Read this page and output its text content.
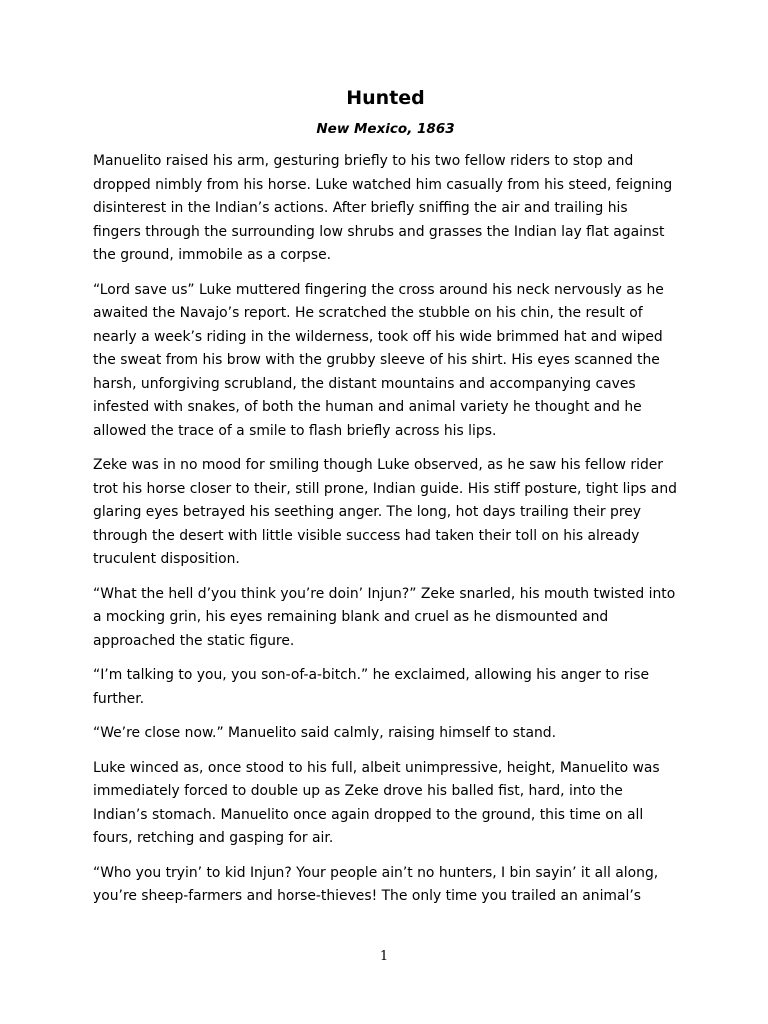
Hunted
New Mexico, 1863

Manuelito raised his arm, gesturing briefly to his two fellow riders to stop and dropped nimbly from his horse. Luke watched him casually from his steed, feigning disinterest in the Indian’s actions. After briefly sniffing the air and trailing his fingers through the surrounding low shrubs and grasses the Indian lay flat against the ground, immobile as a corpse.

“Lord save us” Luke muttered fingering the cross around his neck nervously as he awaited the Navajo’s report. He scratched the stubble on his chin, the result of nearly a week’s riding in the wilderness, took off his wide brimmed hat and wiped the sweat from his brow with the grubby sleeve of his shirt. His eyes scanned the harsh, unforgiving scrubland, the distant mountains and accompanying caves infested with snakes, of both the human and animal variety he thought and he allowed the trace of a smile to flash briefly across his lips.

Zeke was in no mood for smiling though Luke observed, as he saw his fellow rider trot his horse closer to their, still prone, Indian guide. His stiff posture, tight lips and glaring eyes betrayed his seething anger. The long, hot days trailing their prey through the desert with little visible success had taken their toll on his already truculent disposition.

“What the hell d’you think you’re doin’ Injun?” Zeke snarled, his mouth twisted into a mocking grin, his eyes remaining blank and cruel as he dismounted and approached the static figure.

“I’m talking to you, you son-of-a-bitch.” he exclaimed, allowing his anger to rise further.

“We’re close now.” Manuelito said calmly, raising himself to stand.

Luke winced as, once stood to his full, albeit unimpressive, height, Manuelito was immediately forced to double up as Zeke drove his balled fist, hard, into the Indian’s stomach. Manuelito once again dropped to the ground, this time on all fours, retching and gasping for air.

“Who you tryin’ to kid Injun? Your people ain’t no hunters, I bin sayin’ it all along, you’re sheep-farmers and horse-thieves! The only time you trailed an animal’s

1
